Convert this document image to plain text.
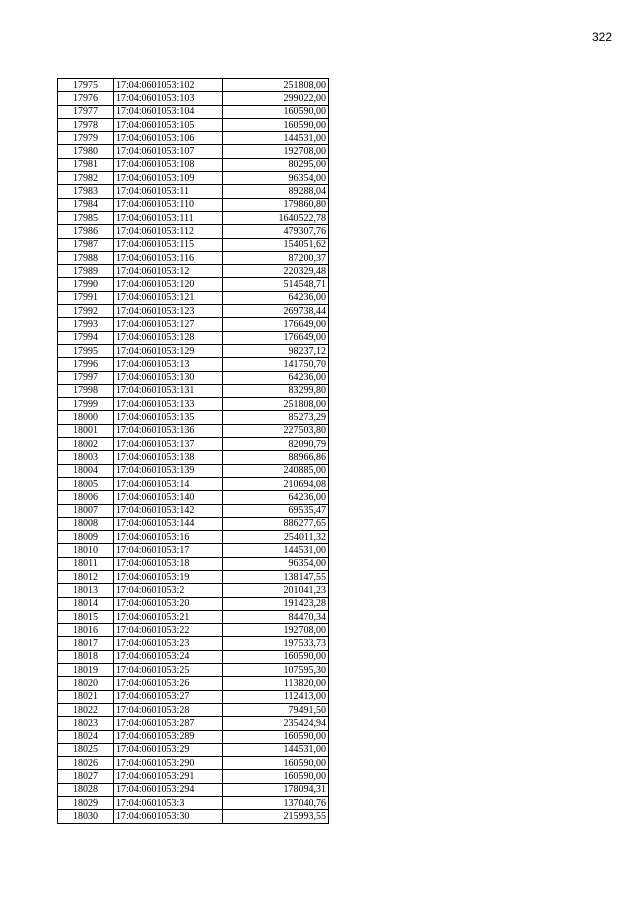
322
17975	17:04:0601053:102	251808,00
17976	17:04:0601053:103	299022,00
17977	17:04:0601053:104	160590,00
17978	17:04:0601053:105	160590,00
17979	17:04:0601053:106	144531,00
17980	17:04:0601053:107	192708,00
17981	17:04:0601053:108	80295,00
17982	17:04:0601053:109	96354,00
17983	17:04:0601053:11	89288,04
17984	17:04:0601053:110	179860,80
17985	17:04:0601053:111	1640522,78
17986	17:04:0601053:112	479307,76
17987	17:04:0601053:115	154051,62
17988	17:04:0601053:116	87200,37
17989	17:04:0601053:12	220329,48
17990	17:04:0601053:120	514548,71
17991	17:04:0601053:121	64236,00
17992	17:04:0601053:123	269738,44
17993	17:04:0601053:127	176649,00
17994	17:04:0601053:128	176649,00
17995	17:04:0601053:129	98237,12
17996	17:04:0601053:13	141750,70
17997	17:04:0601053:130	64236,00
17998	17:04:0601053:131	83299,80
17999	17:04:0601053:133	251808,00
18000	17:04:0601053:135	85273,29
18001	17:04:0601053:136	227503,80
18002	17:04:0601053:137	82090,79
18003	17:04:0601053:138	88966,86
18004	17:04:0601053:139	240885,00
18005	17:04:0601053:14	210694,08
18006	17:04:0601053:140	64236,00
18007	17:04:0601053:142	69535,47
18008	17:04:0601053:144	886277,65
18009	17:04:0601053:16	254011,32
18010	17:04:0601053:17	144531,00
18011	17:04:0601053:18	96354,00
18012	17:04:0601053:19	138147,55
18013	17:04:0601053:2	201041,23
18014	17:04:0601053:20	191423,28
18015	17:04:0601053:21	84470,34
18016	17:04:0601053:22	192708,00
18017	17:04:0601053:23	197533,73
18018	17:04:0601053:24	160590,00
18019	17:04:0601053:25	107595,30
18020	17:04:0601053:26	113820,00
18021	17:04:0601053:27	112413,00
18022	17:04:0601053:28	79491,50
18023	17:04:0601053:287	235424,94
18024	17:04:0601053:289	160590,00
18025	17:04:0601053:29	144531,00
18026	17:04:0601053:290	160590,00
18027	17:04:0601053:291	160590,00
18028	17:04:0601053:294	178094,31
18029	17:04:0601053:3	137040,76
18030	17:04:0601053:30	215993,55
